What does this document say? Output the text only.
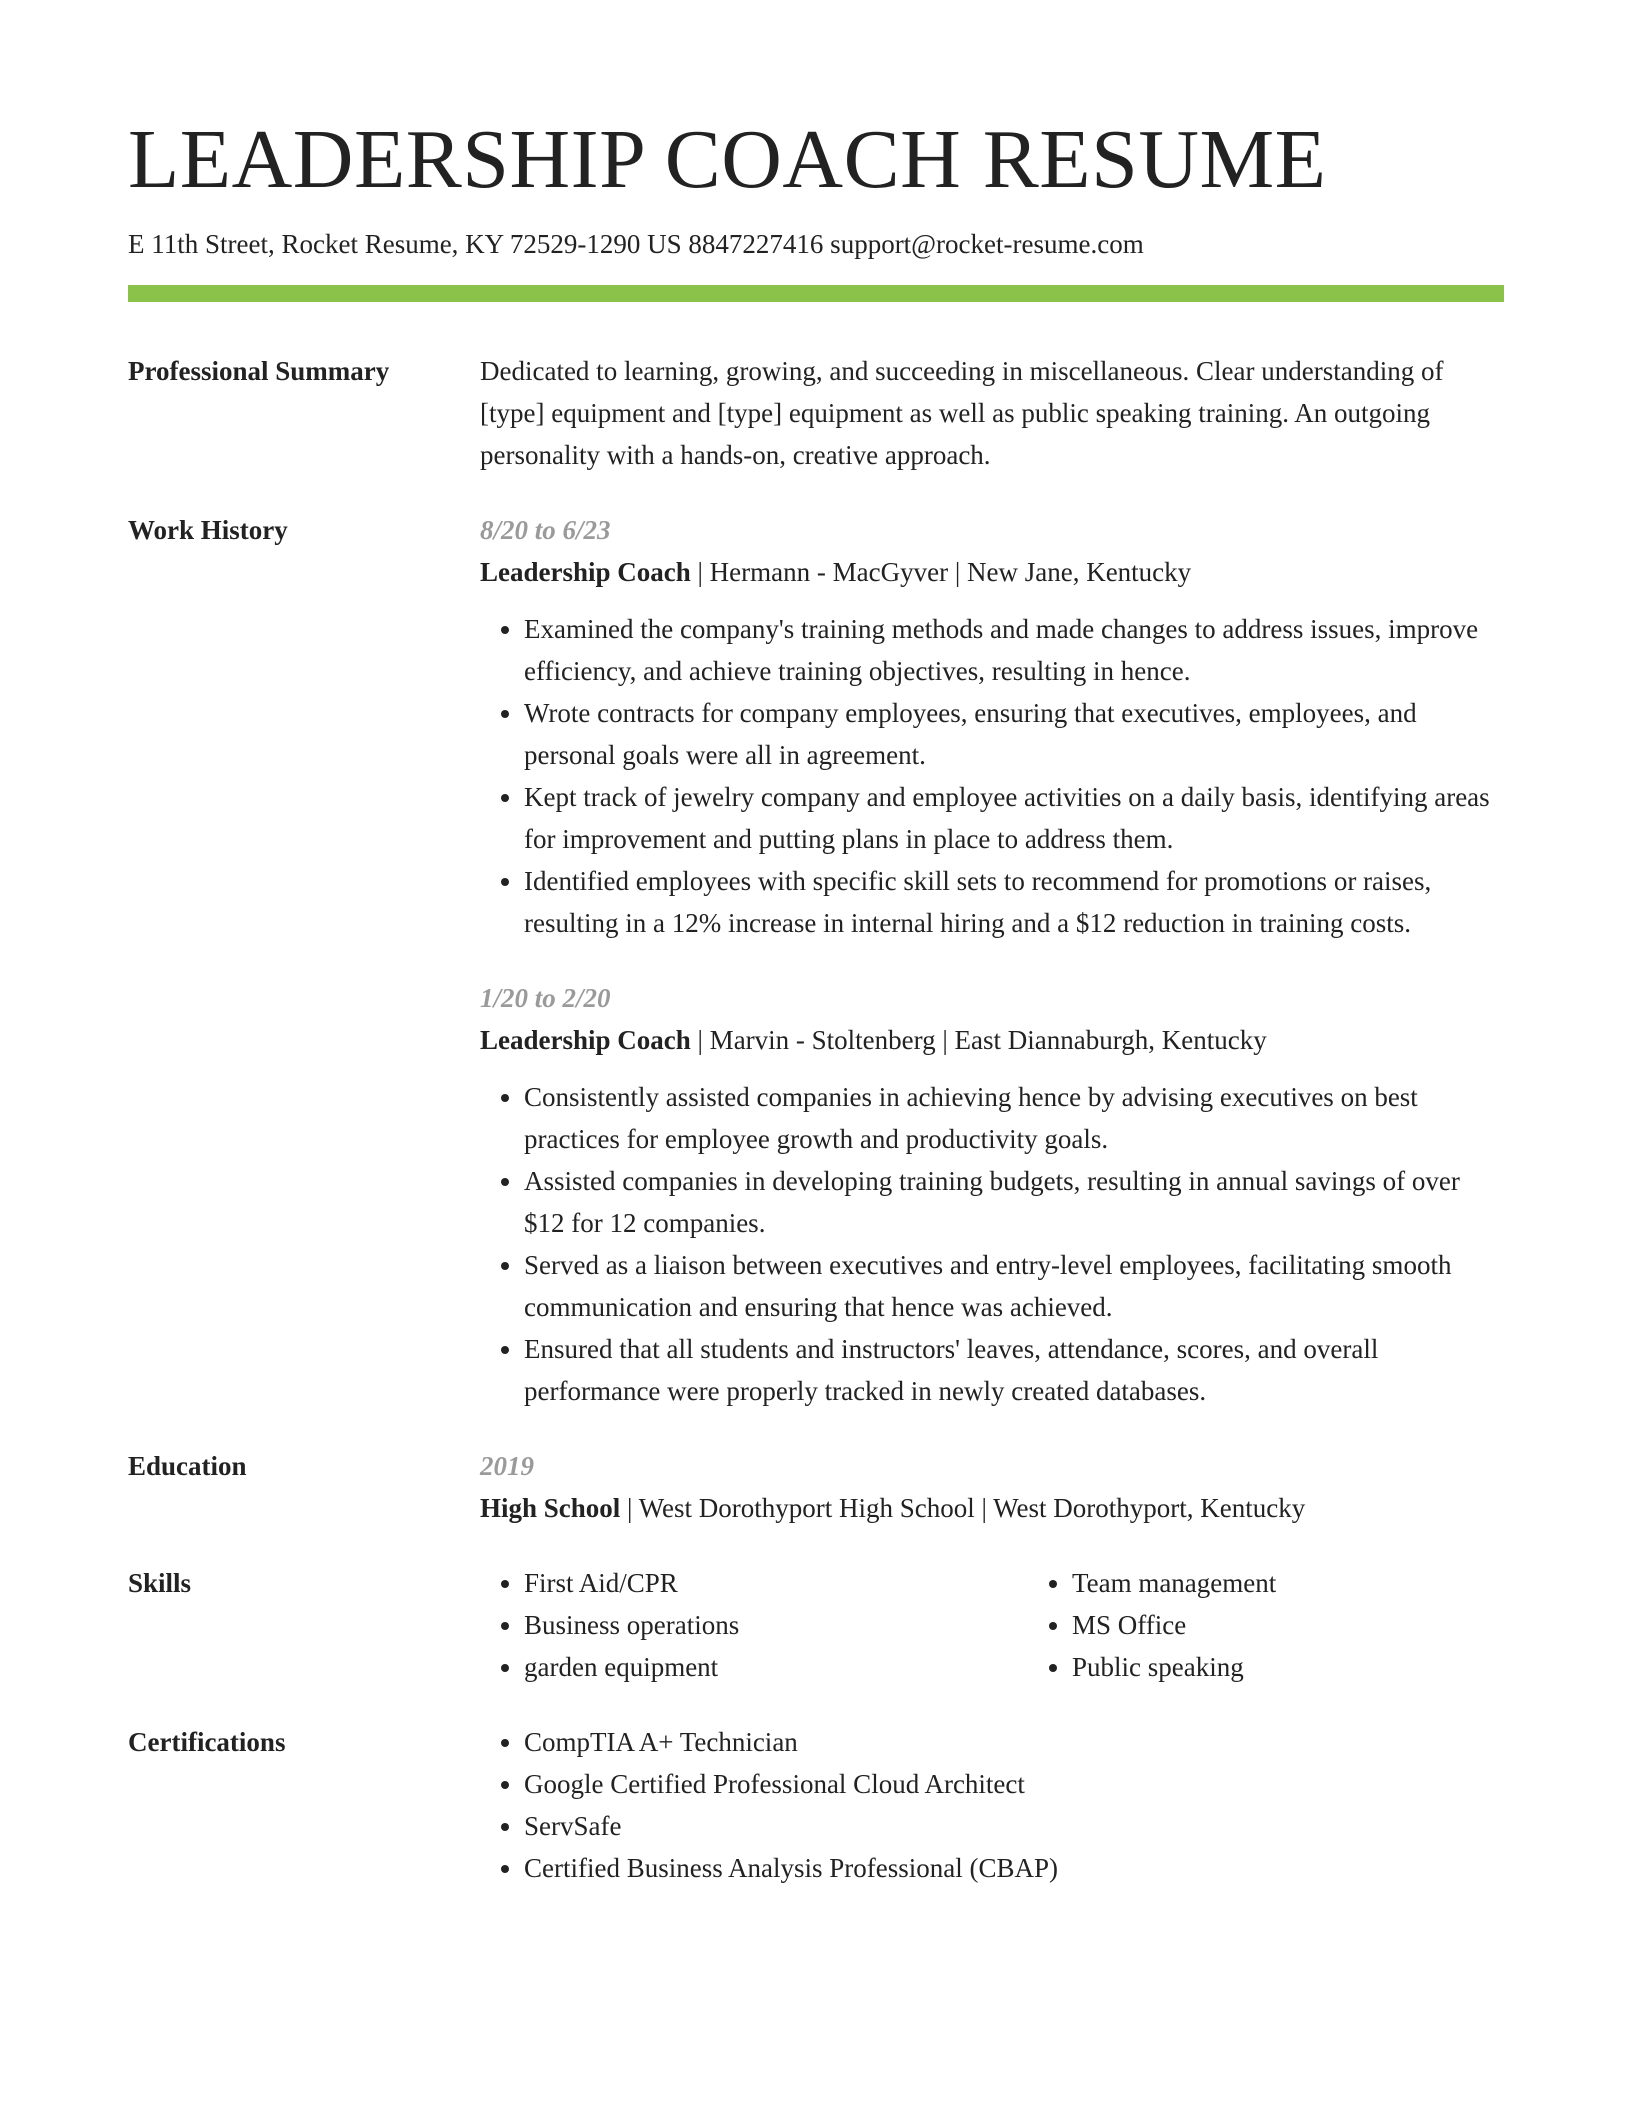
LEADERSHIP COACH RESUME
E 11th Street, Rocket Resume, KY 72529-1290 US 8847227416 support@rocket-resume.com
Professional Summary	Dedicated to learning, growing, and succeeding in miscellaneous. Clear understanding of [type] equipment and [type] equipment as well as public speaking training. An outgoing personality with a hands-on, creative approach.

Work History	8/20 to 6/23
Leadership Coach | Hermann - MacGyver | New Jane, Kentucky
• Examined the company's training methods and made changes to address issues, improve efficiency, and achieve training objectives, resulting in hence.
• Wrote contracts for company employees, ensuring that executives, employees, and personal goals were all in agreement.
• Kept track of jewelry company and employee activities on a daily basis, identifying areas for improvement and putting plans in place to address them.
• Identified employees with specific skill sets to recommend for promotions or raises, resulting in a 12% increase in internal hiring and a $12 reduction in training costs.
1/20 to 2/20
Leadership Coach | Marvin - Stoltenberg | East Diannaburgh, Kentucky
• Consistently assisted companies in achieving hence by advising executives on best practices for employee growth and productivity goals.
• Assisted companies in developing training budgets, resulting in annual savings of over $12 for 12 companies.
• Served as a liaison between executives and entry-level employees, facilitating smooth communication and ensuring that hence was achieved.
• Ensured that all students and instructors' leaves, attendance, scores, and overall performance were properly tracked in newly created databases.
Education	2019
High School | West Dorothyport High School | West Dorothyport, Kentucky
Skills	• First Aid/CPR
• Business operations
• garden equipment
• Team management
• MS Office
• Public speaking
Certifications	• CompTIA A+ Technician
• Google Certified Professional Cloud Architect
• ServSafe
• Certified Business Analysis Professional (CBAP)
